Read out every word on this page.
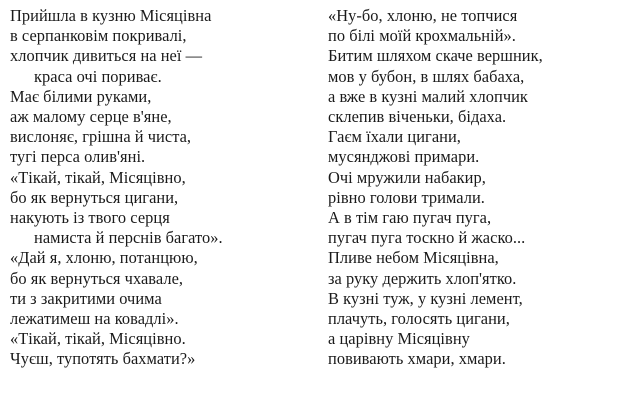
Прийшла в кузню Місяцівна
в серпанковім покривалі,
хлопчик дивиться на неї —
краса очі пориває.
Має білими руками,
аж малому серце в'яне,
вислоняє, грішна й чиста,
тугі перса олив'яні.
«Тікай, тікай, Місяцівно,
бо як вернуться цигани,
накують із твого серця
намиста й перснів багато».
«Дай я, хлоню, потанцюю,
бо як вернуться чхавале,
ти з закритими очима
лежатимеш на ковадлі».
«Тікай, тікай, Місяцівно.
Чуєш, тупотять бахмати?»
«Ну-бо, хлоню, не топчися
по білі моїй крохмальній».
Битим шляхом скаче вершник,
мов у бубон, в шлях бабаха,
а вже в кузні малий хлопчик
склепив віченьки, бідаха.
Гаєм їхали цигани,
мусянджові примари.
Очі мружили набакир,
рівно голови тримали.
А в тім гаю пугач пуга,
пугач пуга тоскно й жаско...
Пливе небом Місяцівна,
за руку держить хлоп'ятко.
В кузні туж, у кузні лемент,
плачуть, голосять цигани,
а царівну Місяцівну
повивають хмари, хмари.
